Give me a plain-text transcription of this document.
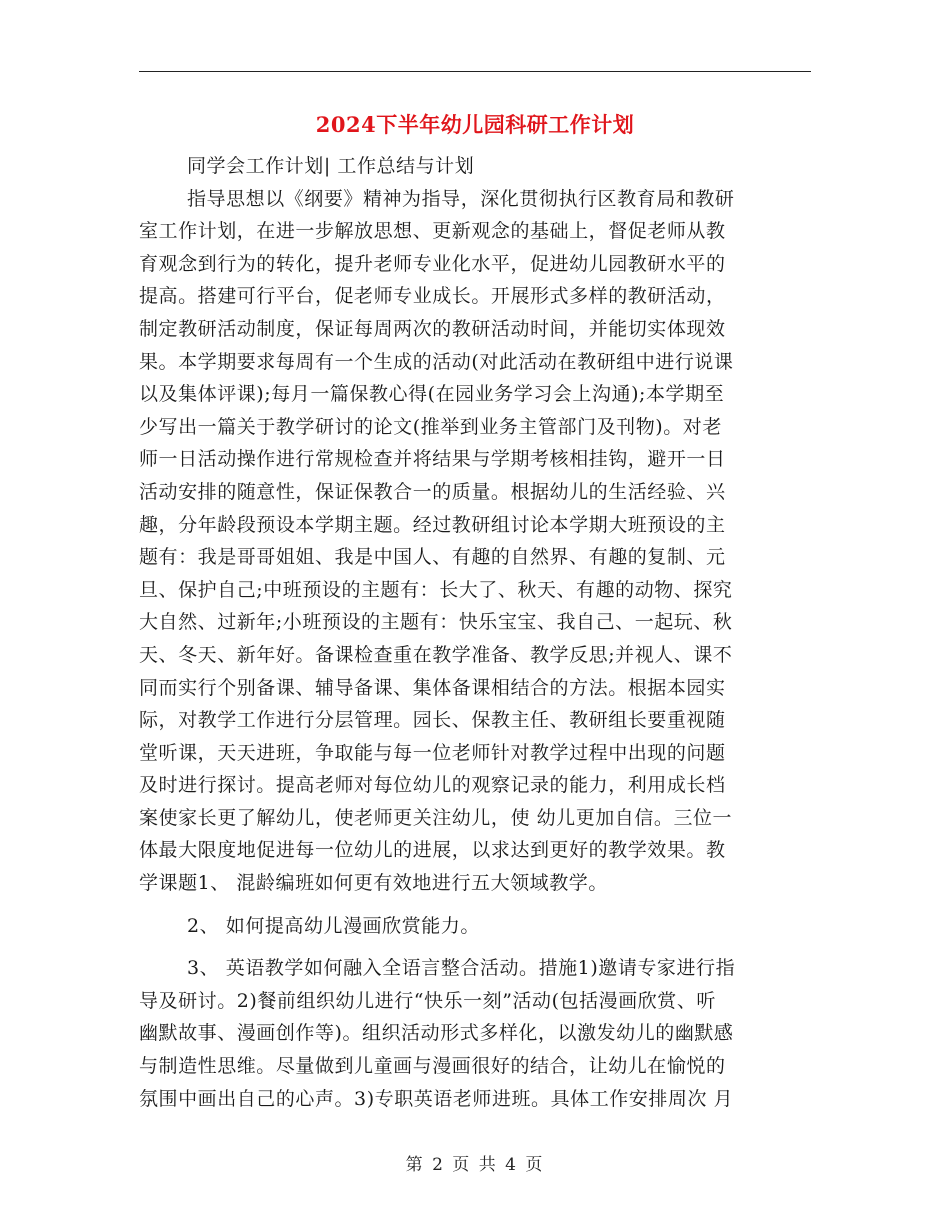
2024下半年幼儿园科研工作计划
同学会工作计划| 工作总结与计划
指导思想以《纲要》精神为指导，深化贯彻执行区教育局和教研
室工作计划，在进一步解放思想、更新观念的基础上，督促老师从教
育观念到行为的转化，提升老师专业化水平，促进幼儿园教研水平的
提高。搭建可行平台，促老师专业成长。开展形式多样的教研活动，
制定教研活动制度，保证每周两次的教研活动时间，并能切实体现效
果。本学期要求每周有一个生成的活动(对此活动在教研组中进行说课
以及集体评课);每月一篇保教心得(在园业务学习会上沟通);本学期至
少写出一篇关于教学研讨的论文(推举到业务主管部门及刊物)。对老
师一日活动操作进行常规检查并将结果与学期考核相挂钩，避开一日
活动安排的随意性，保证保教合一的质量。根据幼儿的生活经验、兴
趣，分年龄段预设本学期主题。经过教研组讨论本学期大班预设的主
题有：我是哥哥姐姐、我是中国人、有趣的自然界、有趣的复制、元
旦、保护自己;中班预设的主题有：长大了、秋天、有趣的动物、探究
大自然、过新年;小班预设的主题有：快乐宝宝、我自己、一起玩、秋
天、冬天、新年好。备课检查重在教学准备、教学反思;并视人、课不
同而实行个别备课、辅导备课、集体备课相结合的方法。根据本园实
际，对教学工作进行分层管理。园长、保教主任、教研组长要重视随
堂听课，天天进班，争取能与每一位老师针对教学过程中出现的问题
及时进行探讨。提高老师对每位幼儿的观察记录的能力，利用成长档
案使家长更了解幼儿，使老师更关注幼儿，使 幼儿更加自信。三位一
体最大限度地促进每一位幼儿的进展，以求达到更好的教学效果。教
学课题1、 混龄编班如何更有效地进行五大领域教学。
2、 如何提高幼儿漫画欣赏能力。
3、 英语教学如何融入全语言整合活动。措施1)邀请专家进行指
导及研讨。2)餐前组织幼儿进行“快乐一刻”活动(包括漫画欣赏、听
幽默故事、漫画创作等)。组织活动形式多样化，以激发幼儿的幽默感
与制造性思维。尽量做到儿童画与漫画很好的结合，让幼儿在愉悦的
氛围中画出自己的心声。3)专职英语老师进班。具体工作安排周次 月
第 2 页 共 4 页
